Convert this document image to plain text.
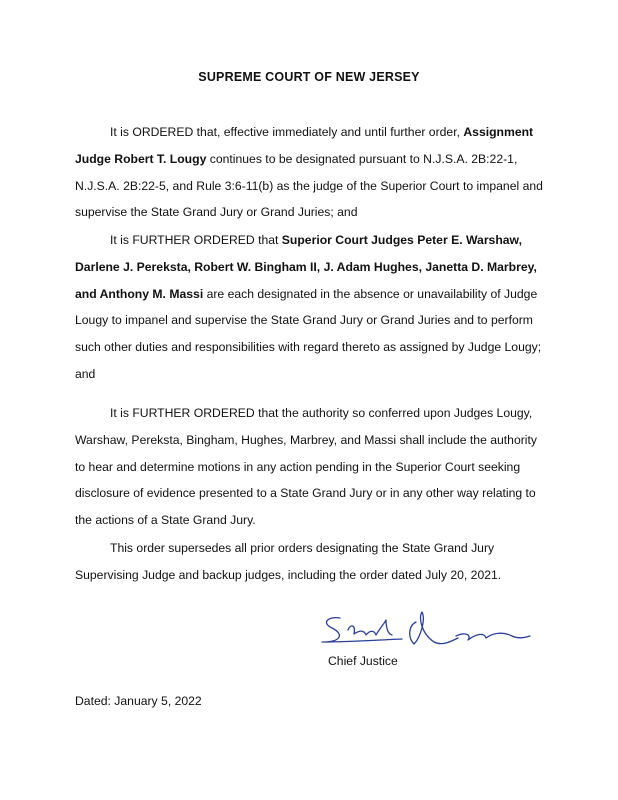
SUPREME COURT OF NEW JERSEY

It is ORDERED that, effective immediately and until further order, Assignment Judge Robert T. Lougy continues to be designated pursuant to N.J.S.A. 2B:22-1, N.J.S.A. 2B:22-5, and Rule 3:6-11(b) as the judge of the Superior Court to impanel and supervise the State Grand Jury or Grand Juries; and

It is FURTHER ORDERED that Superior Court Judges Peter E. Warshaw, Darlene J. Pereksta, Robert W. Bingham II, J. Adam Hughes, Janetta D. Marbrey, and Anthony M. Massi are each designated in the absence or unavailability of Judge Lougy to impanel and supervise the State Grand Jury or Grand Juries and to perform such other duties and responsibilities with regard thereto as assigned by Judge Lougy; and

It is FURTHER ORDERED that the authority so conferred upon Judges Lougy, Warshaw, Pereksta, Bingham, Hughes, Marbrey, and Massi shall include the authority to hear and determine motions in any action pending in the Superior Court seeking disclosure of evidence presented to a State Grand Jury or in any other way relating to the actions of a State Grand Jury.

This order supersedes all prior orders designating the State Grand Jury Supervising Judge and backup judges, including the order dated July 20, 2021.

Chief Justice
Dated: January 5, 2022
